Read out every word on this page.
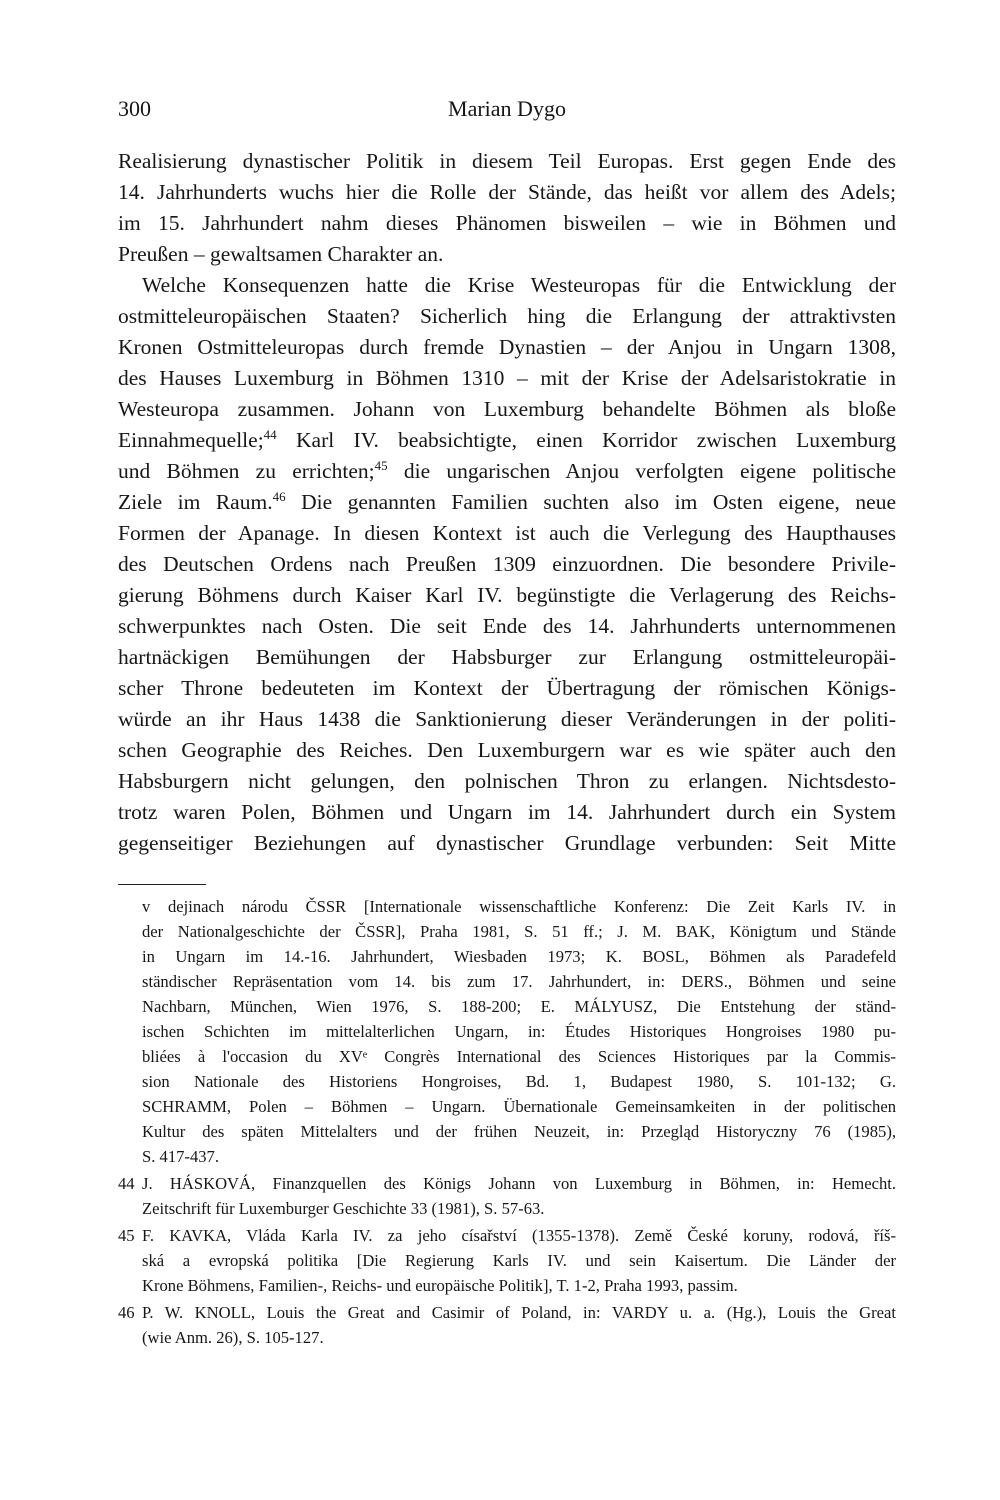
300	Marian Dygo
Realisierung dynastischer Politik in diesem Teil Europas. Erst gegen Ende des
14. Jahrhunderts wuchs hier die Rolle der Stände, das heißt vor allem des Adels;
im 15. Jahrhundert nahm dieses Phänomen bisweilen – wie in Böhmen und
Preußen – gewaltsamen Charakter an.
Welche Konsequenzen hatte die Krise Westeuropas für die Entwicklung der
ostmitteleuropäischen Staaten? Sicherlich hing die Erlangung der attraktivsten
Kronen Ostmitteleuropas durch fremde Dynastien – der Anjou in Ungarn 1308,
des Hauses Luxemburg in Böhmen 1310 – mit der Krise der Adelsaristokratie in
Westeuropa zusammen. Johann von Luxemburg behandelte Böhmen als bloße
Einnahmequelle;$^{44}$ Karl IV. beabsichtigte, einen Korridor zwischen Luxemburg
und Böhmen zu errichten;$^{45}$ die ungarischen Anjou verfolgten eigene politische
Ziele im Raum.$^{46}$ Die genannten Familien suchten also im Osten eigene, neue
Formen der Apanage. In diesen Kontext ist auch die Verlegung des Haupthauses
des Deutschen Ordens nach Preußen 1309 einzuordnen. Die besondere Privile-
gierung Böhmens durch Kaiser Karl IV. begünstigte die Verlagerung des Reichs-
schwerpunktes nach Osten. Die seit Ende des 14. Jahrhunderts unternommenen
hartnäckigen Bemühungen der Habsburger zur Erlangung ostmitteleuropäi-
scher Throne bedeuteten im Kontext der Übertragung der römischen Königs-
würde an ihr Haus 1438 die Sanktionierung dieser Veränderungen in der politi-
schen Geographie des Reiches. Den Luxemburgern war es wie später auch den
Habsburgern nicht gelungen, den polnischen Thron zu erlangen. Nichtsdesto-
trotz waren Polen, Böhmen und Ungarn im 14. Jahrhundert durch ein System
gegenseitiger Beziehungen auf dynastischer Grundlage verbunden: Seit Mitte
v dejinach národu ČSSR [Internationale wissenschaftliche Konferenz: Die Zeit Karls IV. in
der Nationalgeschichte der ČSSR], Praha 1981, S. 51 ff.; J. M. BAK, Königtum und Stände
in Ungarn im 14.-16. Jahrhundert, Wiesbaden 1973; K. BOSL, Böhmen als Paradefeld
ständischer Repräsentation vom 14. bis zum 17. Jahrhundert, in: DERS., Böhmen und seine
Nachbarn, München, Wien 1976, S. 188-200; E. MÁLYUSZ, Die Entstehung der ständ-
ischen Schichten im mittelalterlichen Ungarn, in: Études Historiques Hongroises 1980 pu-
bliées à l'occasion du XVᵉ Congrès International des Sciences Historiques par la Commis-
sion Nationale des Historiens Hongroises, Bd. 1, Budapest 1980, S. 101-132; G.
SCHRAMM, Polen – Böhmen – Ungarn. Übernationale Gemeinsamkeiten in der politischen
Kultur des späten Mittelalters und der frühen Neuzeit, in: Przegląd Historyczny 76 (1985),
S. 417-437.
44 J. HÁSKOVÁ, Finanzquellen des Königs Johann von Luxemburg in Böhmen, in: Hemecht.
Zeitschrift für Luxemburger Geschichte 33 (1981), S. 57-63.
45 F. KAVKA, Vláda Karla IV. za jeho císařství (1355-1378). Země České koruny, rodová, říš-
ská a evropská politika [Die Regierung Karls IV. und sein Kaisertum. Die Länder der
Krone Böhmens, Familien-, Reichs- und europäische Politik], T. 1-2, Praha 1993, passim.
46 P. W. KNOLL, Louis the Great and Casimir of Poland, in: VARDY u. a. (Hg.), Louis the Great
(wie Anm. 26), S. 105-127.
